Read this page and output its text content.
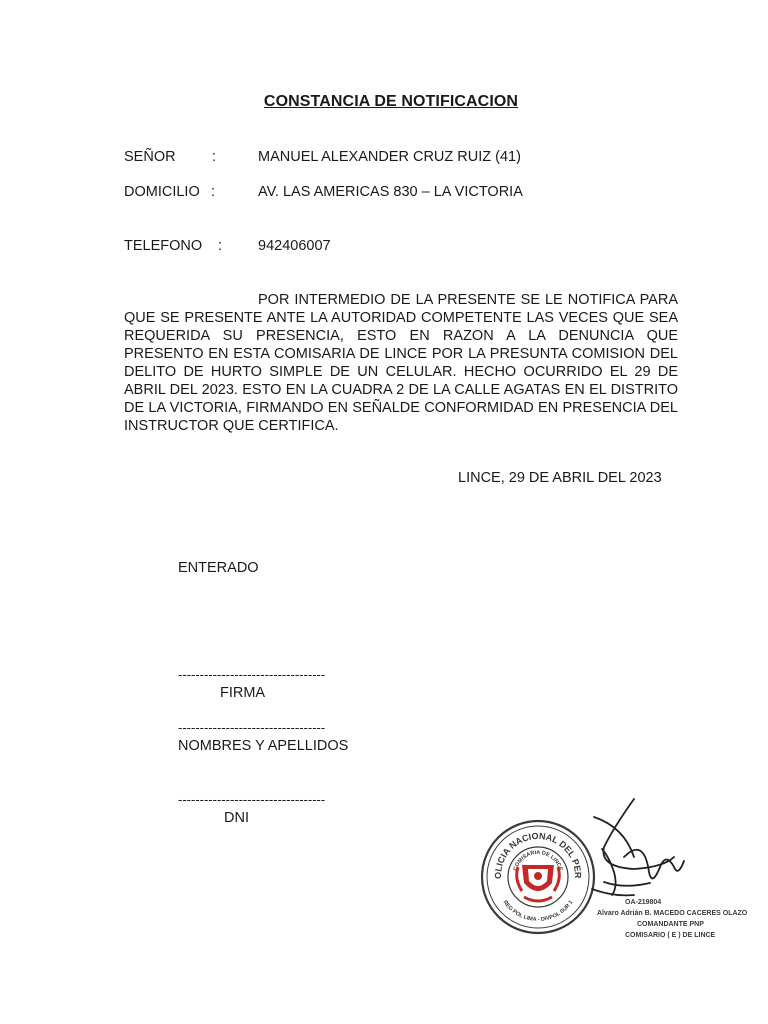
CONSTANCIA DE NOTIFICACION
SEÑOR	:	MANUEL ALEXANDER CRUZ RUIZ (41)
DOMICILIO :	AV. LAS AMERICAS 830 – LA VICTORIA
TELEFONO : 942406007
POR INTERMEDIO DE LA PRESENTE SE LE NOTIFICA PARA QUE SE PRESENTE ANTE LA AUTORIDAD COMPETENTE LAS VECES QUE SEA REQUERIDA SU PRESENCIA, ESTO EN RAZON A LA DENUNCIA QUE PRESENTO EN ESTA COMISARIA DE LINCE POR LA PRESUNTA COMISION DEL DELITO DE HURTO SIMPLE DE UN CELULAR. HECHO OCURRIDO EL 29 DE ABRIL DEL 2023. ESTO EN LA CUADRA 2 DE LA CALLE AGATAS EN EL DISTRITO DE LA VICTORIA, FIRMANDO EN SEÑALDE CONFORMIDAD EN PRESENCIA DEL INSTRUCTOR QUE CERTIFICA.
LINCE, 29 DE ABRIL DEL 2023
ENTERADO
----------------------------------
FIRMA
----------------------------------
NOMBRES Y APELLIDOS
----------------------------------
DNI
OLICIA NACIONAL DEL PER
COMISARIA DE LINCE
REG POL LIMA - DIVPOL SUR 1	OA-219804
Alvaro Adrián B. MACEDO CACERES OLAZO
COMANDANTE PNP
COMISARIO ( E ) DE LINCE
